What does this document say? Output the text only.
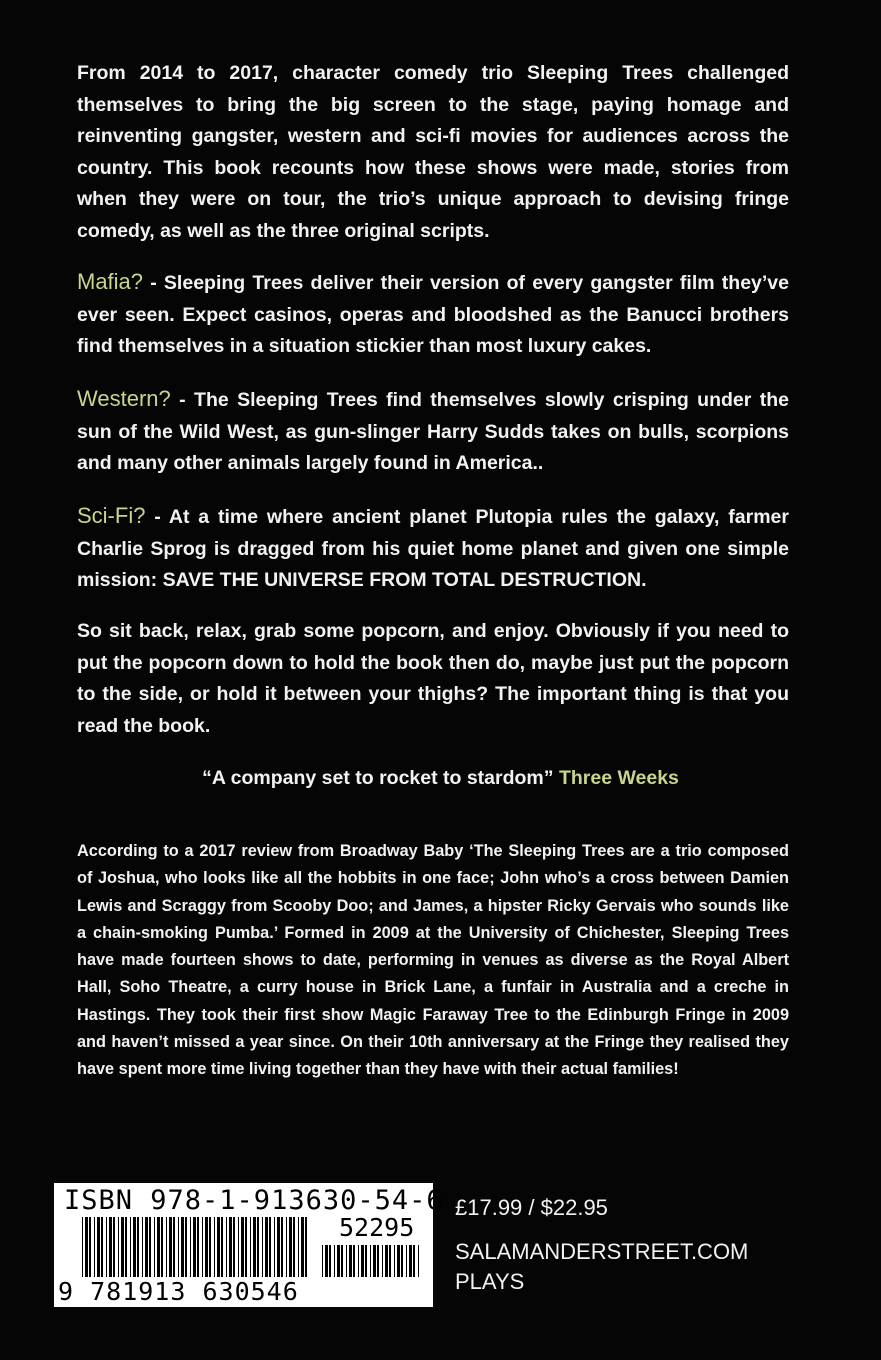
From 2014 to 2017, character comedy trio Sleeping Trees challenged themselves to bring the big screen to the stage, paying homage and reinventing gangster, western and sci-fi movies for audiences across the country. This book recounts how these shows were made, stories from when they were on tour, the trio’s unique approach to devising fringe comedy, as well as the three original scripts.

Mafia? - Sleeping Trees deliver their version of every gangster film they’ve ever seen. Expect casinos, operas and bloodshed as the Banucci brothers find themselves in a situation stickier than most luxury cakes.

Western? - The Sleeping Trees find themselves slowly crisping under the sun of the Wild West, as gun-slinger Harry Sudds takes on bulls, scorpions and many other animals largely found in America..

Sci-Fi? - At a time where ancient planet Plutopia rules the galaxy, farmer Charlie Sprog is dragged from his quiet home planet and given one simple mission: SAVE THE UNIVERSE FROM TOTAL DESTRUCTION.

So sit back, relax, grab some popcorn, and enjoy. Obviously if you need to put the popcorn down to hold the book then do, maybe just put the popcorn to the side, or hold it between your thighs? The important thing is that you read the book.

“A company set to rocket to stardom” Three Weeks

According to a 2017 review from Broadway Baby ‘The Sleeping Trees are a trio composed of Joshua, who looks like all the hobbits in one face; John who’s a cross between Damien Lewis and Scraggy from Scooby Doo; and James, a hipster Ricky Gervais who sounds like a chain-smoking Pumba.’ Formed in 2009 at the University of Chichester, Sleeping Trees have made fourteen shows to date, performing in venues as diverse as the Royal Albert Hall, Soho Theatre, a curry house in Brick Lane, a funfair in Australia and a creche in Hastings. They took their first show Magic Faraway Tree to the Edinburgh Fringe in 2009 and haven’t missed a year since. On their 10th anniversary at the Fringe they realised they have spent more time living together than they have with their actual families!

ISBN 978-1-913630-54-6
52295
9 781913 630546
£17.99 / $22.95
SALAMANDERSTREET.COM
PLAYS
